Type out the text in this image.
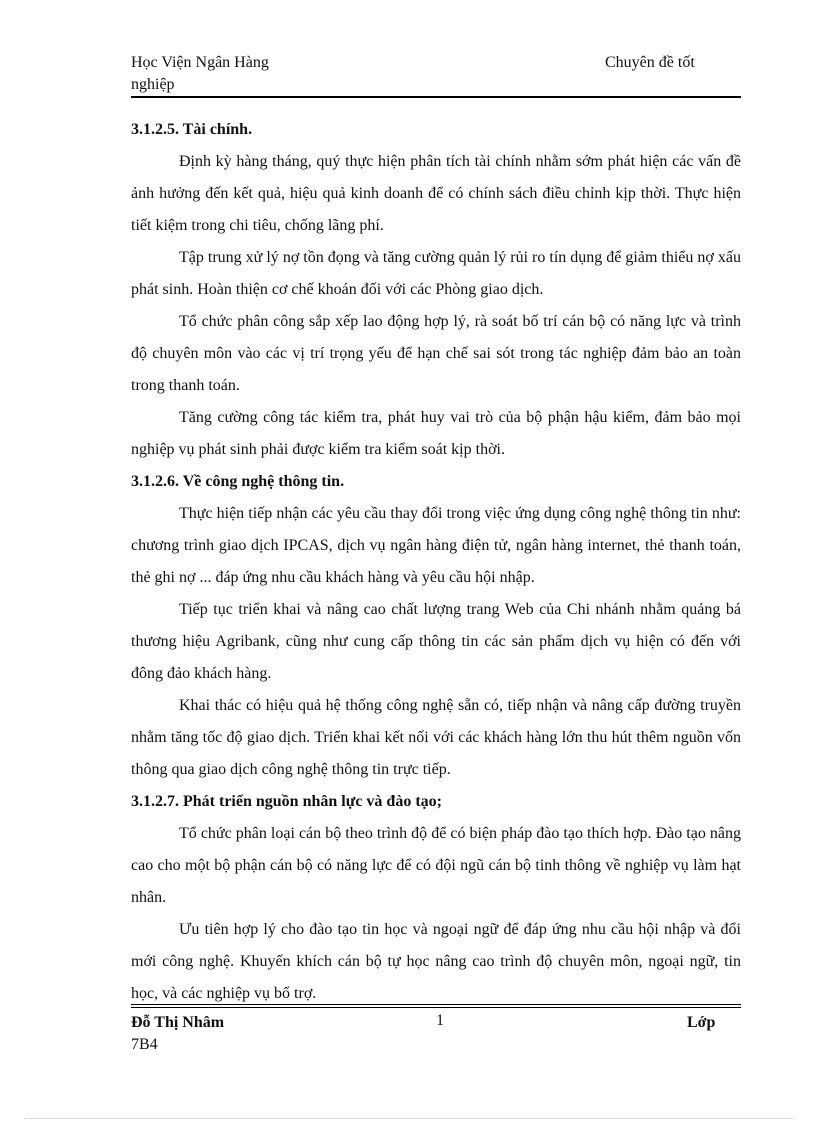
Học Viện Ngân Hàng	Chuyên đề tốt
nghiệp

3.1.2.5. Tài chính.

Định kỳ hàng tháng, quý thực hiện phân tích tài chính nhằm sớm phát hiện các vấn đề ảnh hưởng đến kết quả, hiệu quả kinh doanh để có chính sách điều chỉnh kịp thời. Thực hiện tiết kiệm trong chi tiêu, chống lãng phí.

Tập trung xử lý nợ tồn đọng và tăng cường quản lý rủi ro tín dụng để giảm thiểu nợ xấu phát sinh. Hoàn thiện cơ chế khoán đối với các Phòng giao dịch.

Tổ chức phân công sắp xếp lao động hợp lý, rà soát bố trí cán bộ có năng lực và trình độ chuyên môn vào các vị trí trọng yếu để hạn chế sai sót trong tác nghiệp đảm bảo an toàn trong thanh toán.

Tăng cường công tác kiểm tra, phát huy vai trò của bộ phận hậu kiểm, đảm bảo mọi nghiệp vụ phát sinh phải được kiểm tra kiểm soát kịp thời.

3.1.2.6. Về công nghệ thông tin.

Thực hiện tiếp nhận các yêu cầu thay đổi trong việc ứng dụng công nghệ thông tin như: chương trình giao dịch IPCAS, dịch vụ ngân hàng điện tử, ngân hàng internet, thẻ thanh toán, thẻ ghi nợ ... đáp ứng nhu cầu khách hàng và yêu cầu hội nhập.

Tiếp tục triển khai và nâng cao chất lượng trang Web của Chi nhánh nhằm quảng bá thương hiệu Agribank, cũng như cung cấp thông tin các sản phẩm dịch vụ hiện có đến với đông đảo khách hàng.

Khai thác có hiệu quả hệ thống công nghệ sẵn có, tiếp nhận và nâng cấp đường truyền nhằm tăng tốc độ giao dịch. Triển khai kết nối với các khách hàng lớn thu hút thêm nguồn vốn thông qua giao dịch công nghệ thông tin trực tiếp.

3.1.2.7. Phát triển nguồn nhân lực và đào tạo;

Tổ chức phân loại cán bộ theo trình độ để có biện pháp đào tạo thích hợp. Đào tạo nâng cao cho một bộ phận cán bộ có năng lực để có đội ngũ cán bộ tinh thông về nghiệp vụ làm hạt nhân.

Ưu tiên hợp lý cho đào tạo tin học và ngoại ngữ để đáp ứng nhu cầu hội nhập và đổi mới công nghệ. Khuyến khích cán bộ tự học nâng cao trình độ chuyên môn, ngoại ngữ, tin học, và các nghiệp vụ bổ trợ.

Đỗ Thị Nhâm	1	Lớp
7B4
